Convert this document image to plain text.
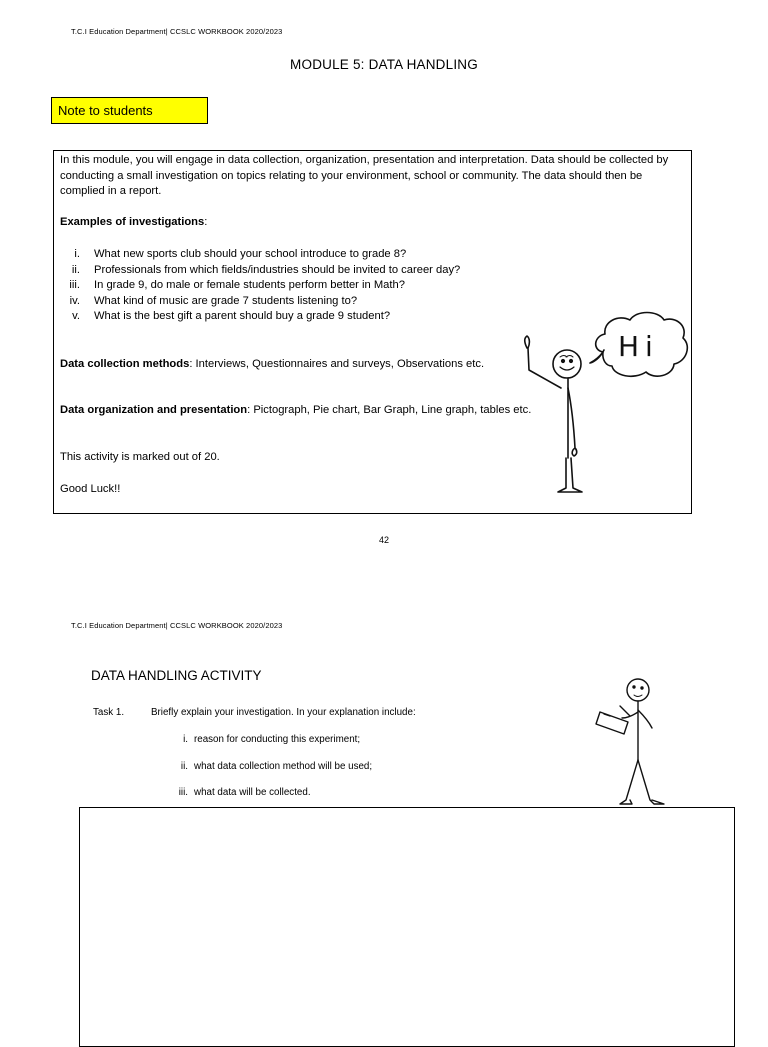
T.C.I Education Department| CCSLC WORKBOOK 2020/2023
MODULE 5: DATA HANDLING
Note to students
In this module, you will engage in data collection, organization, presentation and interpretation. Data should be collected by
conducting a small investigation on topics relating to your environment, school or community. The data should then be
complied in a report.
Examples of investigations:
i. What new sports club should your school introduce to grade 8?
ii. Professionals from which fields/industries should be invited to career day?
iii. In grade 9, do male or female students perform better in Math?
iv. What kind of music are grade 7 students listening to?
v. What is the best gift a parent should buy a grade 9 student?
Data collection methods: Interviews, Questionnaires and surveys, Observations etc.
Data organization and presentation: Pictograph, Pie chart, Bar Graph, Line graph, tables etc.
This activity is marked out of 20.
Good Luck!!
Hi
42
T.C.I Education Department| CCSLC WORKBOOK 2020/2023
DATA HANDLING ACTIVITY
Task 1.	Briefly explain your investigation. In your explanation include:
i. reason for conducting this experiment;
ii. what data collection method will be used;
iii. what data will be collected.
